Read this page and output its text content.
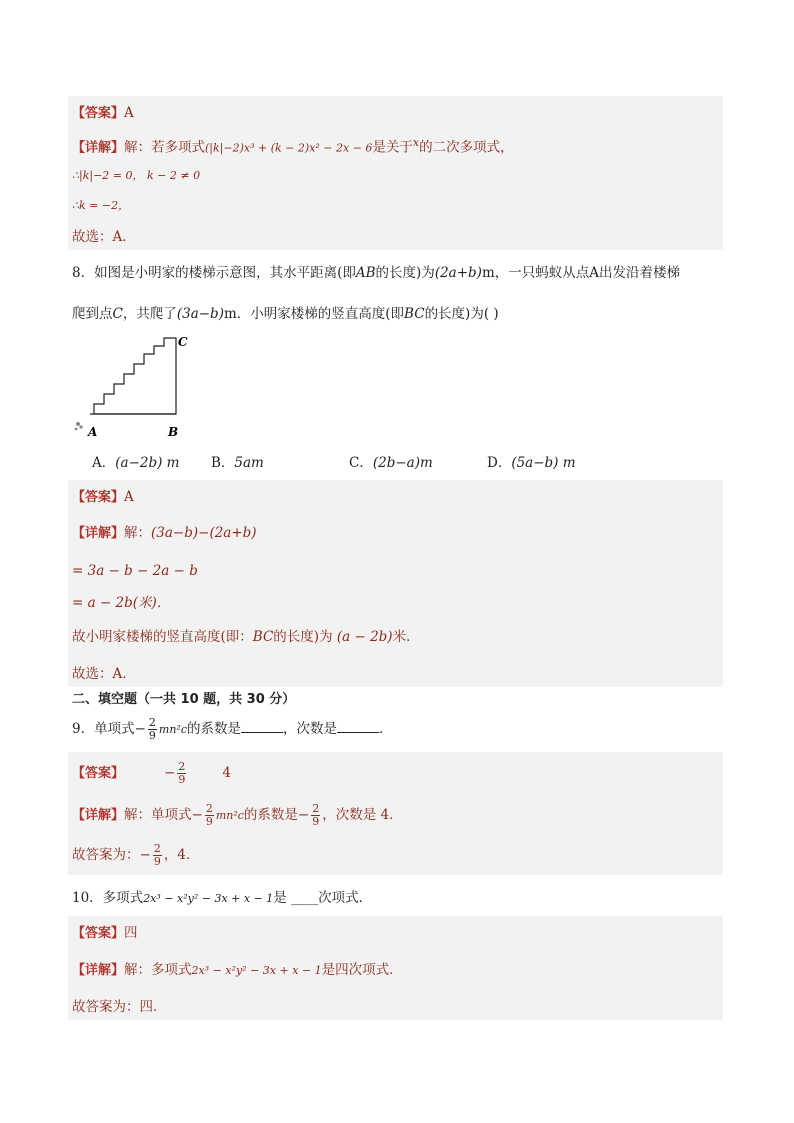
【答案】A
【详解】解：若多项式(|k|−2)x³ + (k − 2)x² − 2x − 6是关于$^x$的二次多项式，
∴|k|−2 = 0， k − 2 ≠ 0
∴k = −2，
故选：A．
8．如图是小明家的楼梯示意图，其水平距离(即AB的长度)为(2a+b)m，一只蚂蚁从点A出发沿着楼梯
爬到点C，共爬了(3a−b)m．小明家楼梯的竖直高度(即BC的长度)为( )
A	B
C
A．(a−2b) m B．5am	C．(2b−a)m	D．(5a−b) m
【答案】A
【详解】解：(3a−b)−(2a+b)
= 3a − b − 2a − b
= a − 2b(米)．
故小明家楼梯的竖直高度(即：BC的长度)为 (a − 2b)米．
故选：A．
二、填空题（一共 10 题，共 30 分）
9．单项式− $\frac{2}{9} mn^2c$的系数是	，次数是	．
【答案】	− $\frac{2}{9}$	4
【详解】解：单项式− $\frac{2}{9} mn^2c$的系数是− $\frac{2}{9}$ ，次数是 4．
故答案为：− $\frac{2}{9}$ ，4．
10．多项式2x³ − x²y² − 3x + x − 1是 ____次项式．
【答案】四
【详解】解：多项式2x³ − x²y² − 3x + x − 1是四次项式．
故答案为：四．
